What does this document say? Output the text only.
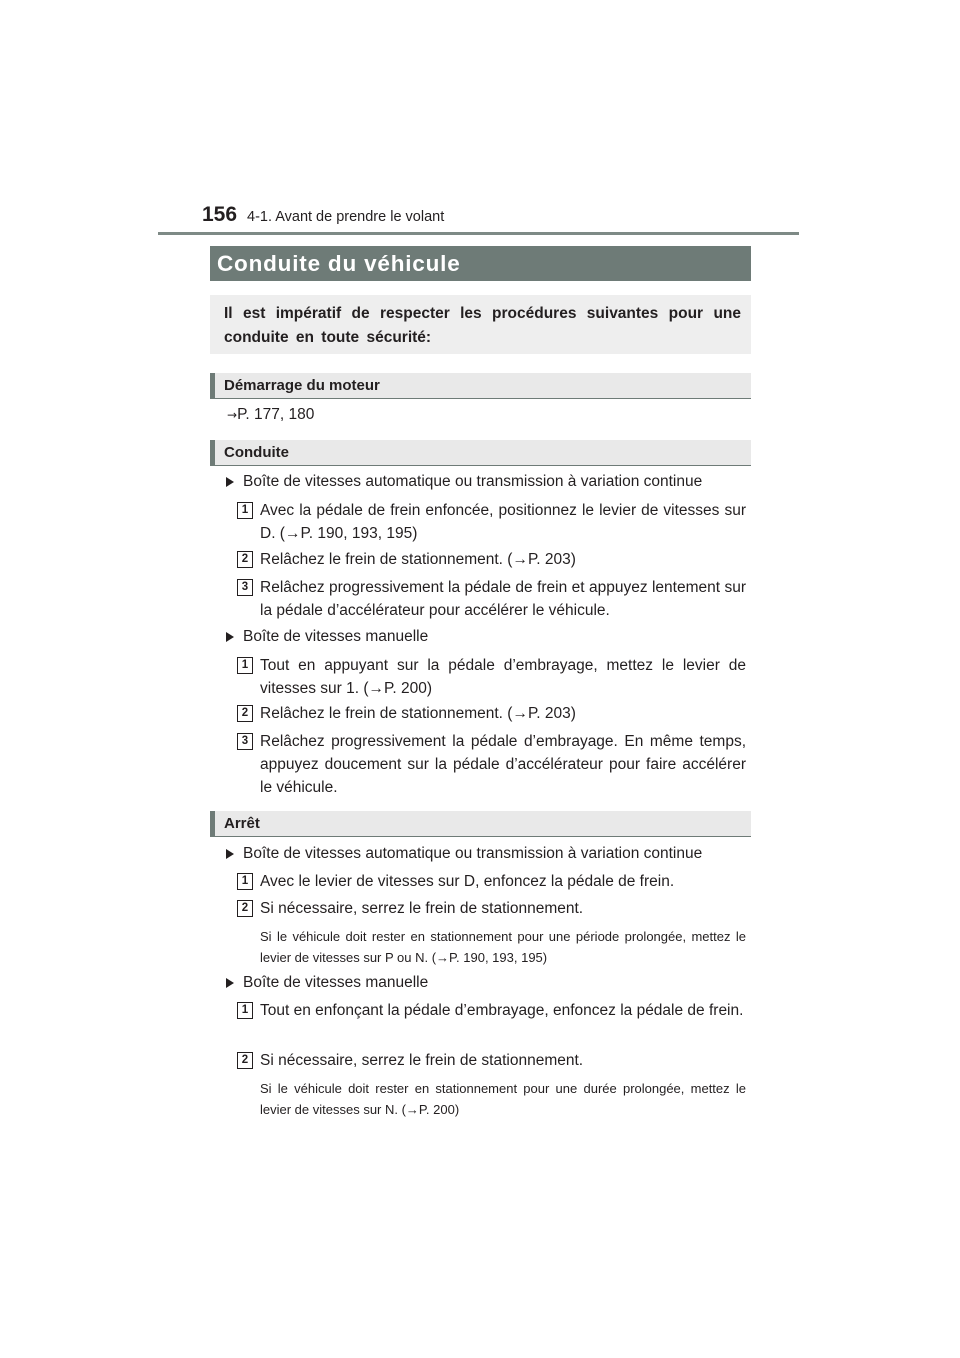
156 4-1. Avant de prendre le volant
Conduite du véhicule
Il est impératif de respecter les procédures suivantes pour une conduite en toute sécurité:
Démarrage du moteur
→P. 177, 180
Conduite
Boîte de vitesses automatique ou transmission à variation continue
1 Avec la pédale de frein enfoncée, positionnez le levier de vitesses sur D. (→P. 190, 193, 195)
2 Relâchez le frein de stationnement. (→P. 203)
3 Relâchez progressivement la pédale de frein et appuyez lentement sur la pédale d’accélérateur pour accélérer le véhicule.
Boîte de vitesses manuelle
1 Tout en appuyant sur la pédale d’embrayage, mettez le levier de vitesses sur 1. (→P. 200)
2 Relâchez le frein de stationnement. (→P. 203)
3 Relâchez progressivement la pédale d’embrayage. En même temps, appuyez doucement sur la pédale d’accélérateur pour faire accélérer le véhicule.
Arrêt
Boîte de vitesses automatique ou transmission à variation continue
1 Avec le levier de vitesses sur D, enfoncez la pédale de frein.
2 Si nécessaire, serrez le frein de stationnement.
Si le véhicule doit rester en stationnement pour une période prolongée, mettez le levier de vitesses sur P ou N. (→P. 190, 193, 195)
Boîte de vitesses manuelle
1 Tout en enfonçant la pédale d’embrayage, enfoncez la pédale de frein.
2 Si nécessaire, serrez le frein de stationnement.
Si le véhicule doit rester en stationnement pour une durée prolongée, mettez le levier de vitesses sur N. (→P. 200)
